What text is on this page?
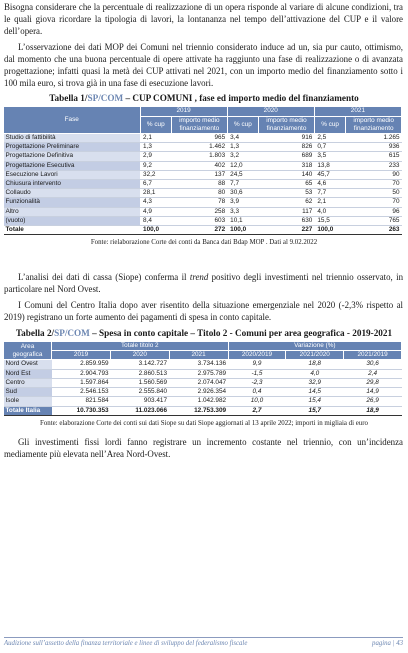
Bisogna considerare che la percentuale di realizzazione di un opera risponde al variare di alcune condizioni, tra le quali giova ricordare la tipologia di lavori, la lontananza nel tempo dell’attivazione del CUP e il valore dell’opera.

L’osservazione dei dati MOP dei Comuni nel triennio considerato induce ad un, sia pur cauto, ottimismo, dal momento che una buona percentuale di opere attivate ha raggiunto una fase di realizzazione o di avanzata progettazione; infatti quasi la metà dei CUP attivati nel 2021, con un importo medio del finanziamento sotto i 100 mila euro, si trova già in una fase di esecuzione lavori.

Tabella 1/SP/COM – CUP COMUNI , fase ed importo medio del finanziamento
Fase	2019		2020		2021	
	% cup	importo medio finanziamento	% cup	importo medio finanziamento	% cup	importo medio finanziamento
Studio di fattibilità	2,1	965	3,4	916	2,5	1.265
Progettazione Preliminare	1,3	1.462	1,3	826	0,7	936
Progettazione Definitiva	2,9	1.803	3,2	689	3,5	615
Progettazione Esecutiva	9,2	402	12,0	318	13,8	233
Esecuzione Lavori	32,2	137	24,5	140	45,7	90
Chiusura intervento	6,7	88	7,7	65	4,6	70
Collaudo	28,1	80	30,6	53	7,7	50
Funzionalità	4,3	78	3,9	62	2,1	70
Altro	4,9	258	3,3	117	4,0	96
(vuoto)	8,4	603	10,1	630	15,5	765
Totale	100,0	272	100,0	227	100,0	263
Fonte: rielaborazione Corte dei conti da Banca dati Bdap MOP . Dati al 9.02.2022

L’analisi dei dati di cassa (Siope) conferma il trend positivo degli investimenti nel triennio osservato, in particolare nel Nord Ovest.

I Comuni del Centro Italia dopo aver risentito della situazione emergenziale nel 2020 (-2,3% rispetto al 2019) registrano un forte aumento dei pagamenti di spesa in conto capitale.

Tabella 2/SP/COM – Spesa in conto capitale – Titolo 2 - Comuni per area geografica - 2019-2021
Area geografica	Totale titolo 2			Variazione (%)		
	2019	2020	2021	2020/2019	2021/2020	2021/2019
Nord Ovest	2.859.959	3.142.727	3.734.136	9,9	18,8	30,6
Nord Est	2.904.793	2.860.513	2.975.789	-1,5	4,0	2,4
Centro	1.597.864	1.560.569	2.074.047	-2,3	32,9	29,8
Sud	2.546.153	2.555.840	2.926.354	0,4	14,5	14,9
Isole	821.584	903.417	1.042.982	10,0	15,4	26,9
Totale Italia	10.730.353	11.023.066	12.753.309	2,7	15,7	18,9
Fonte: elaborazione Corte dei conti sui dati Siope su dati Siope aggiornati al 13 aprile 2022; importi in migliaia di euro

Gli investimenti fissi lordi fanno registrare un incremento costante nel triennio, con un’incidenza mediamente più elevata nell’Area Nord-Ovest.

Audizione sull’assetto della finanza territoriale e linee di sviluppo del federalismo fiscale	pagina | 43
